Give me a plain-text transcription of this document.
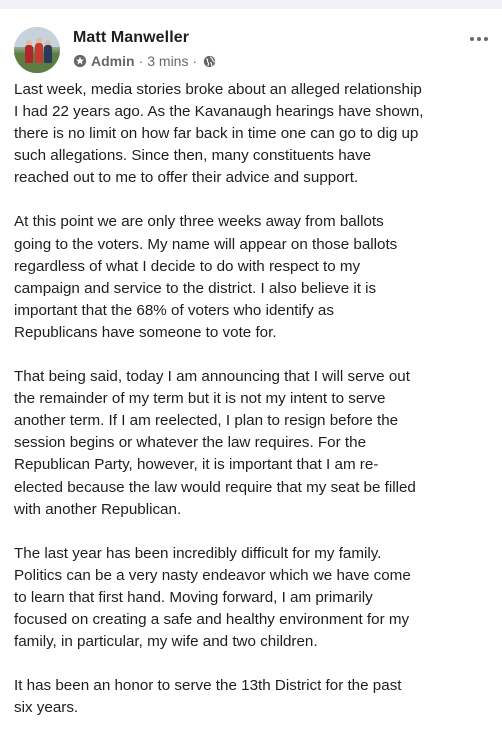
Matt Manweller
Admin · 3 mins ·

Last week, media stories broke about an alleged relationship
I had 22 years ago. As the Kavanaugh hearings have shown,
there is no limit on how far back in time one can go to dig up
such allegations. Since then, many constituents have
reached out to me to offer their advice and support.

At this point we are only three weeks away from ballots
going to the voters. My name will appear on those ballots
regardless of what I decide to do with respect to my
campaign and service to the district. I also believe it is
important that the 68% of voters who identify as
Republicans have someone to vote for.

That being said, today I am announcing that I will serve out
the remainder of my term but it is not my intent to serve
another term. If I am reelected, I plan to resign before the
session begins or whatever the law requires. For the
Republican Party, however, it is important that I am re-
elected because the law would require that my seat be filled
with another Republican.

The last year has been incredibly difficult for my family.
Politics can be a very nasty endeavor which we have come
to learn that first hand. Moving forward, I am primarily
focused on creating a safe and healthy environment for my
family, in particular, my wife and two children.

It has been an honor to serve the 13th District for the past
six years.
